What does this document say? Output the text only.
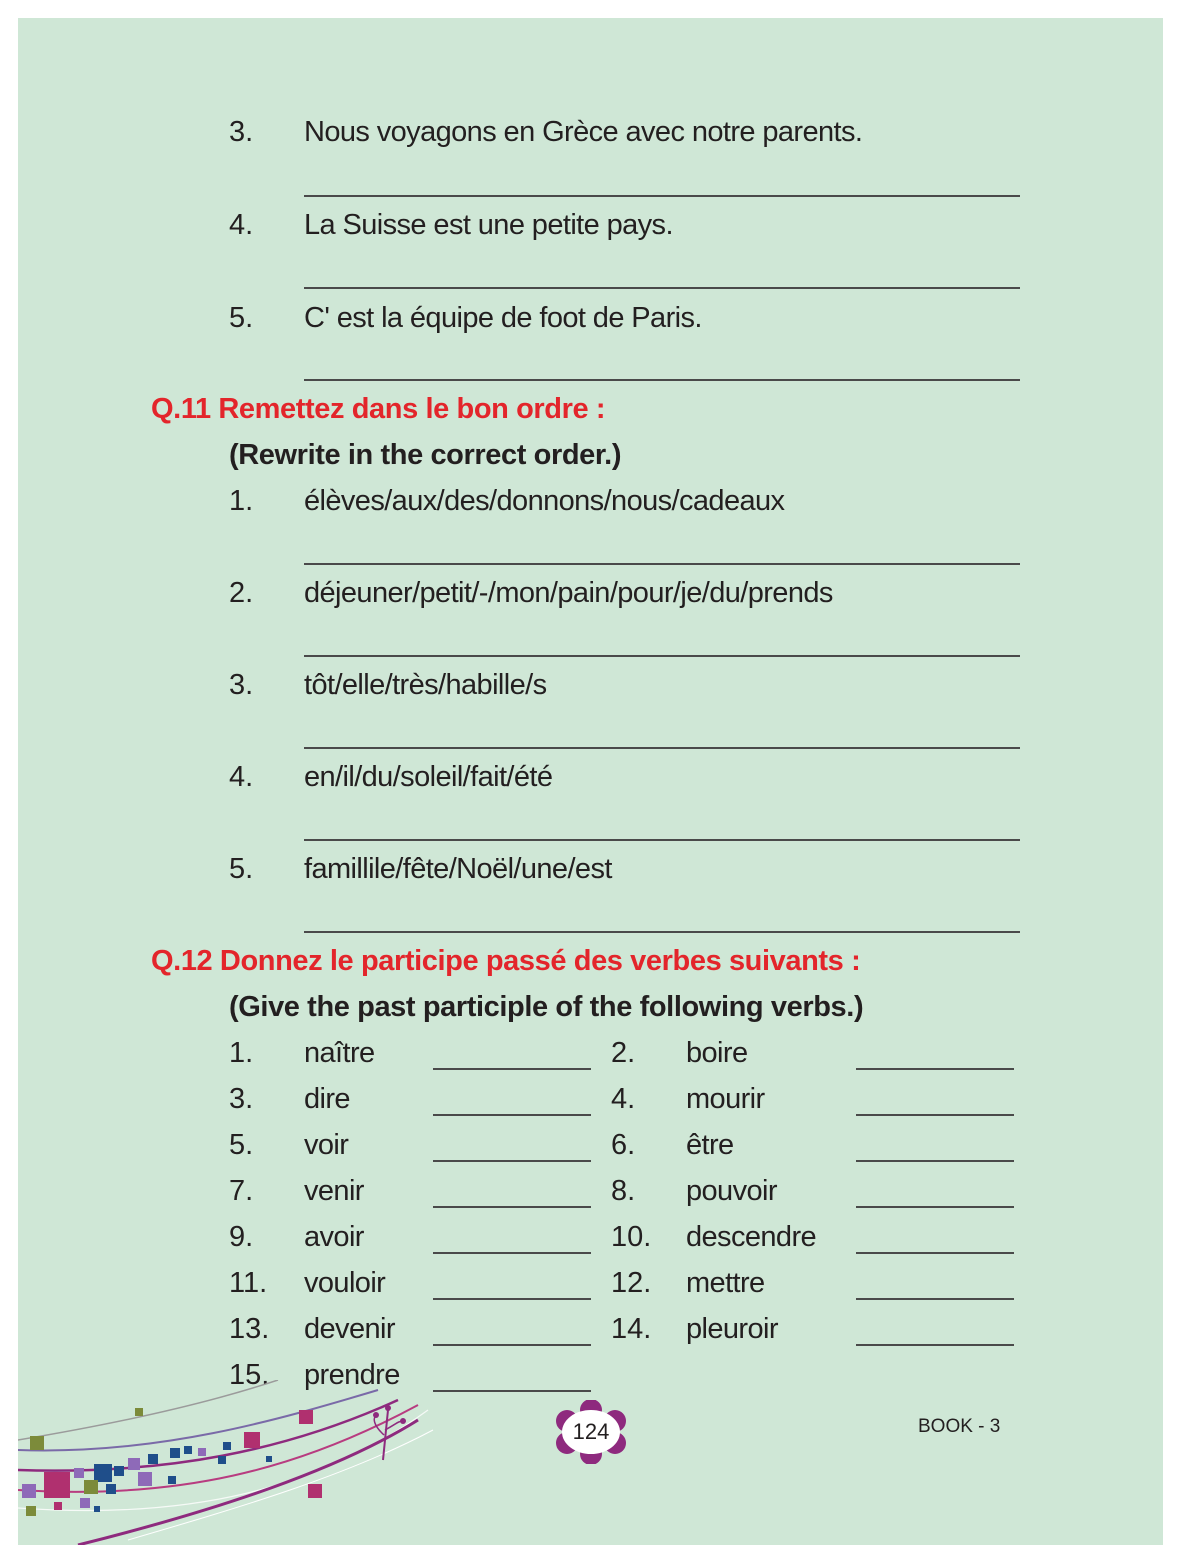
3. Nous voyagons en Grèce avec notre parents.
4. La Suisse est une petite pays.
5. C' est la équipe de foot de Paris.
Q.11 Remettez dans le bon ordre :
(Rewrite in the correct order.)
1. élèves/aux/des/donnons/nous/cadeaux
2. déjeuner/petit/-/mon/pain/pour/je/du/prends
3. tôt/elle/très/habille/s
4. en/il/du/soleil/fait/été
5. famillile/fête/Noël/une/est
Q.12 Donnez le participe passé des verbes suivants :
(Give the past participle of the following verbs.)
1. naître
3. dire
5. voir
7. venir
9. avoir
11. vouloir
13. devenir
15. prendre
2. boire
4. mourir
6. être
8. pouvoir
10. descendre
12. mettre
14. pleuroir
124	BOOK - 3
